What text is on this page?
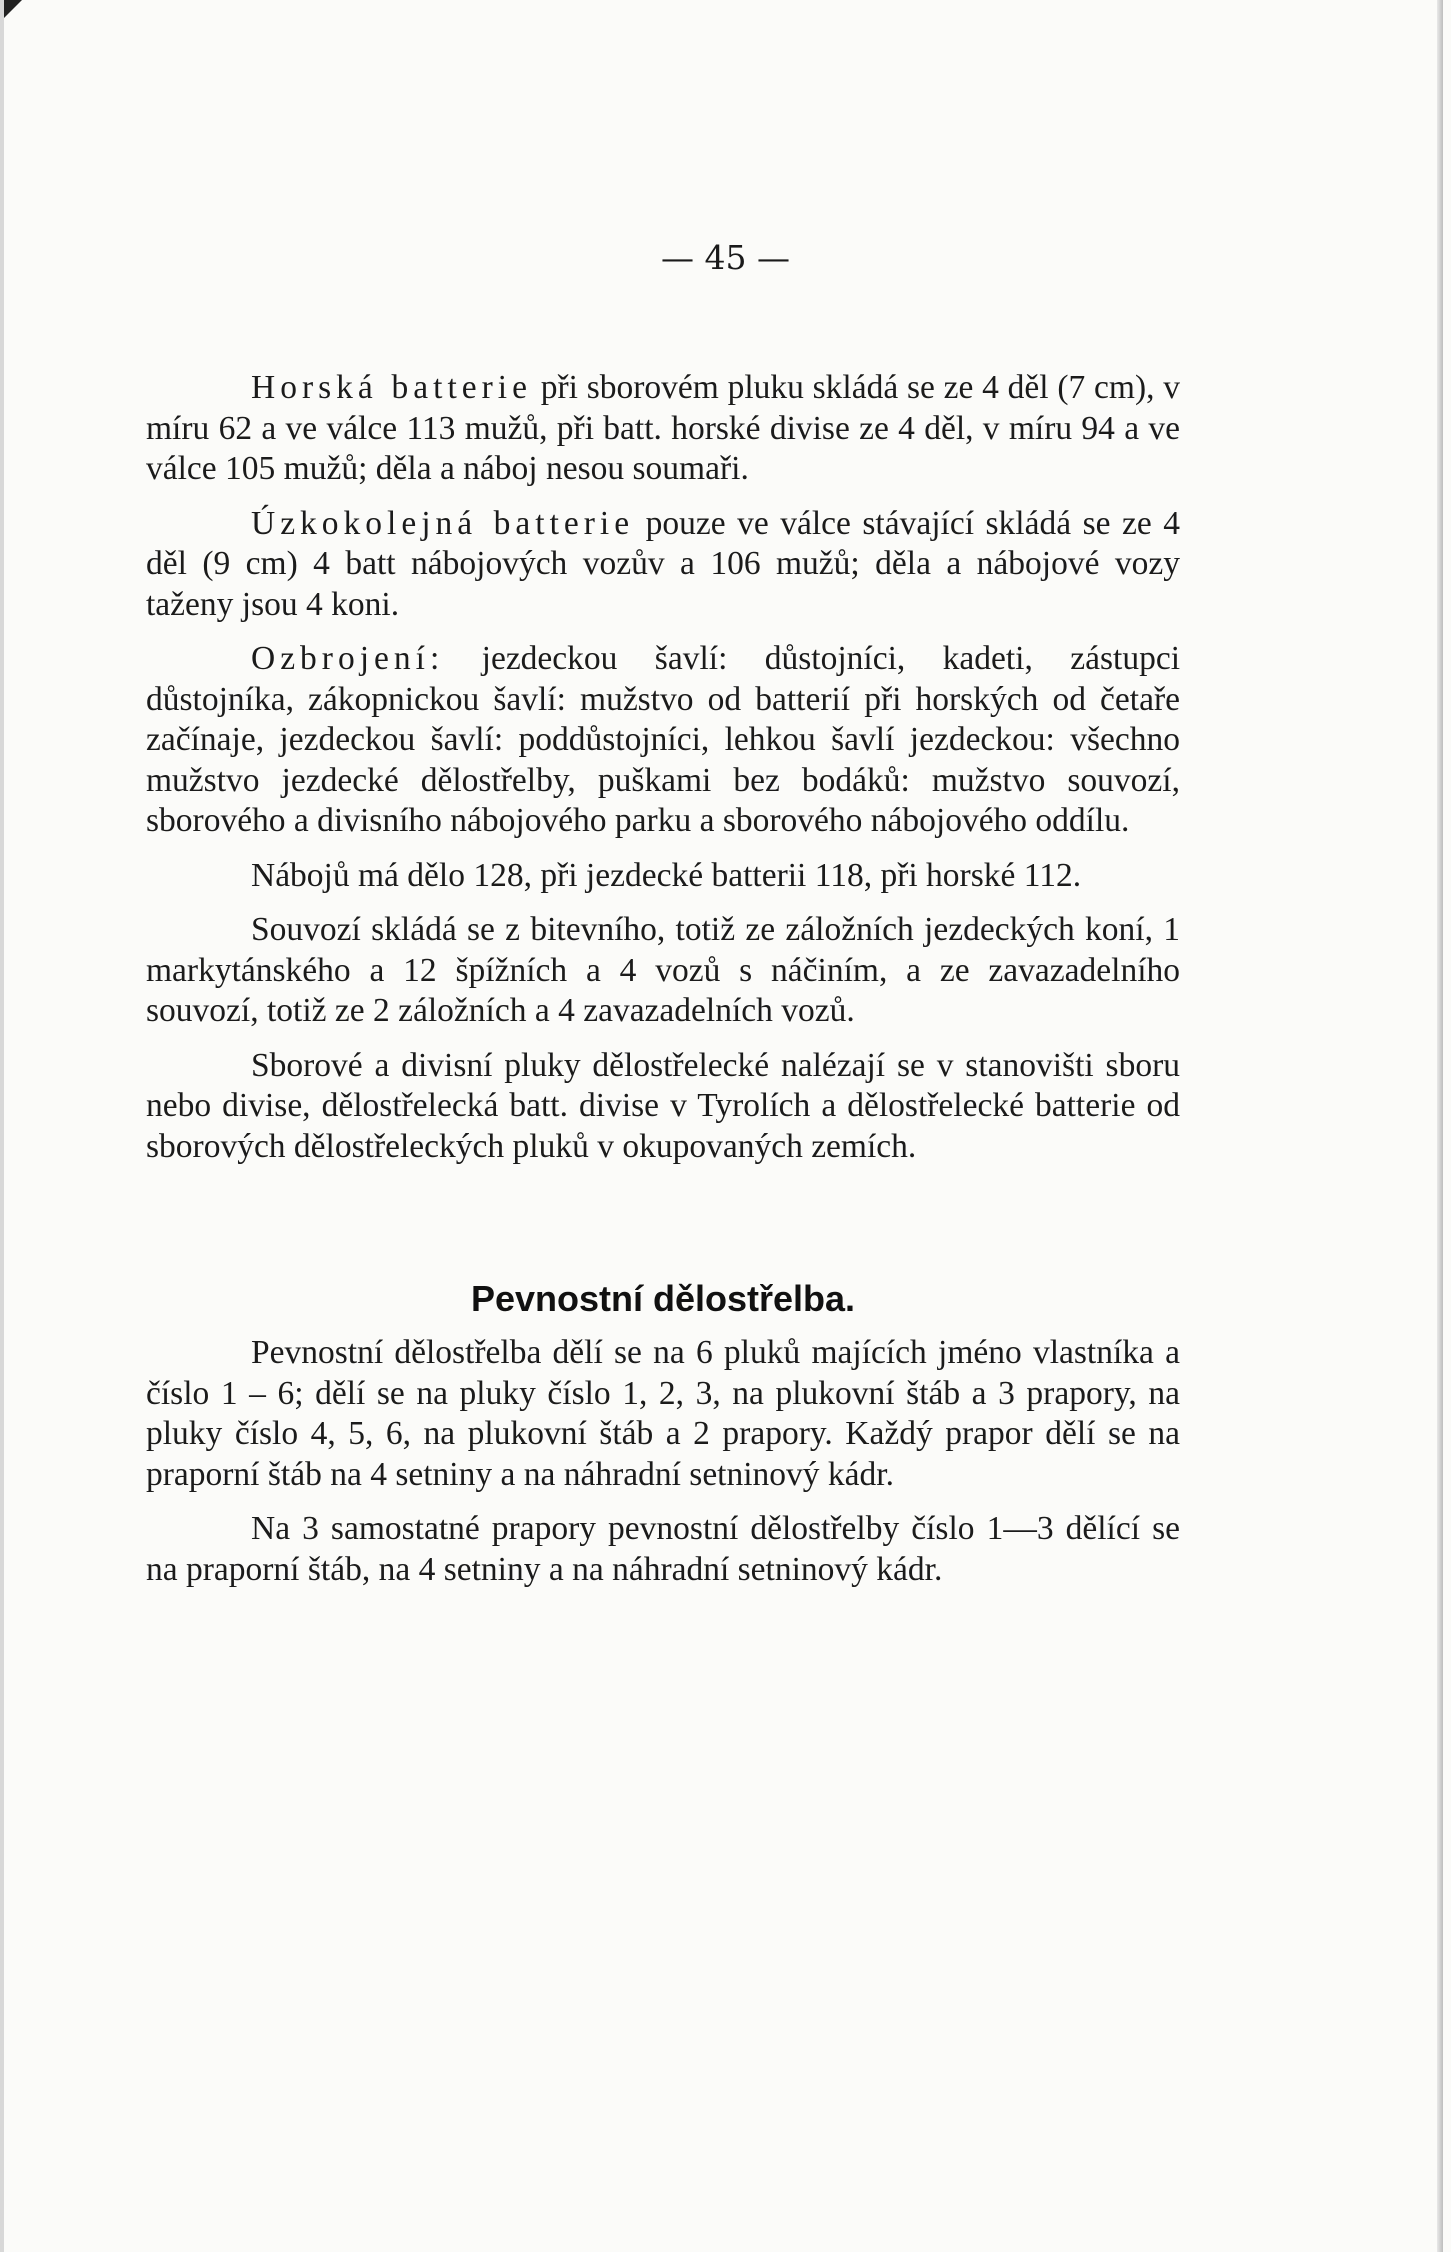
— 45 —

Horská batterie při sborovém pluku skládá se ze 4 děl (7 cm), v míru 62 a ve válce 113 mužů, při batt. horské divise ze 4 děl, v míru 94 a ve válce 105 mužů; děla a náboj nesou soumaři.

Úzkokolejná batterie pouze ve válce stávající skládá se ze 4 děl (9 cm) 4 batt nábojových vozův a 106 mužů; děla a nábojové vozy taženy jsou 4 koni.

Ozbrojení: jezdeckou šavlí: důstojníci, kadeti, zástupci důstojníka, zákopnickou šavlí: mužstvo od batterií při horských od četaře začínaje, jezdeckou šavlí: poddůstojníci, lehkou šavlí jezdeckou: všechno mužstvo jezdecké dělostřelby, puškami bez bodáků: mužstvo souvozí, sborového a divisního nábojového parku a sborového nábojového oddílu.

Nábojů má dělo 128, při jezdecké batterii 118, při horské 112.

Souvozí skládá se z bitevního, totiž ze záložních jezdeckých koní, 1 markytánského a 12 špížních a 4 vozů s náčiním, a ze zavazadelního souvozí, totiž ze 2 záložních a 4 zavazadelních vozů.

Sborové a divisní pluky dělostřelecké nalézají se v stanovišti sboru nebo divise, dělostřelecká batt. divise v Tyrolích a dělostřelecké batterie od sborových dělostřeleckých pluků v okupovaných zemích.

Pevnostní dělostřelba.

Pevnostní dělostřelba dělí se na 6 pluků majících jméno vlastníka a číslo 1 – 6; dělí se na pluky číslo 1, 2, 3, na plukovní štáb a 3 prapory, na pluky číslo 4, 5, 6, na plukovní štáb a 2 prapory. Každý prapor dělí se na praporní štáb na 4 setniny a na náhradní setninový kádr.

Na 3 samostatné prapory pevnostní dělostřelby číslo 1—3 dělící se na praporní štáb, na 4 setniny a na náhradní setninový kádr.
